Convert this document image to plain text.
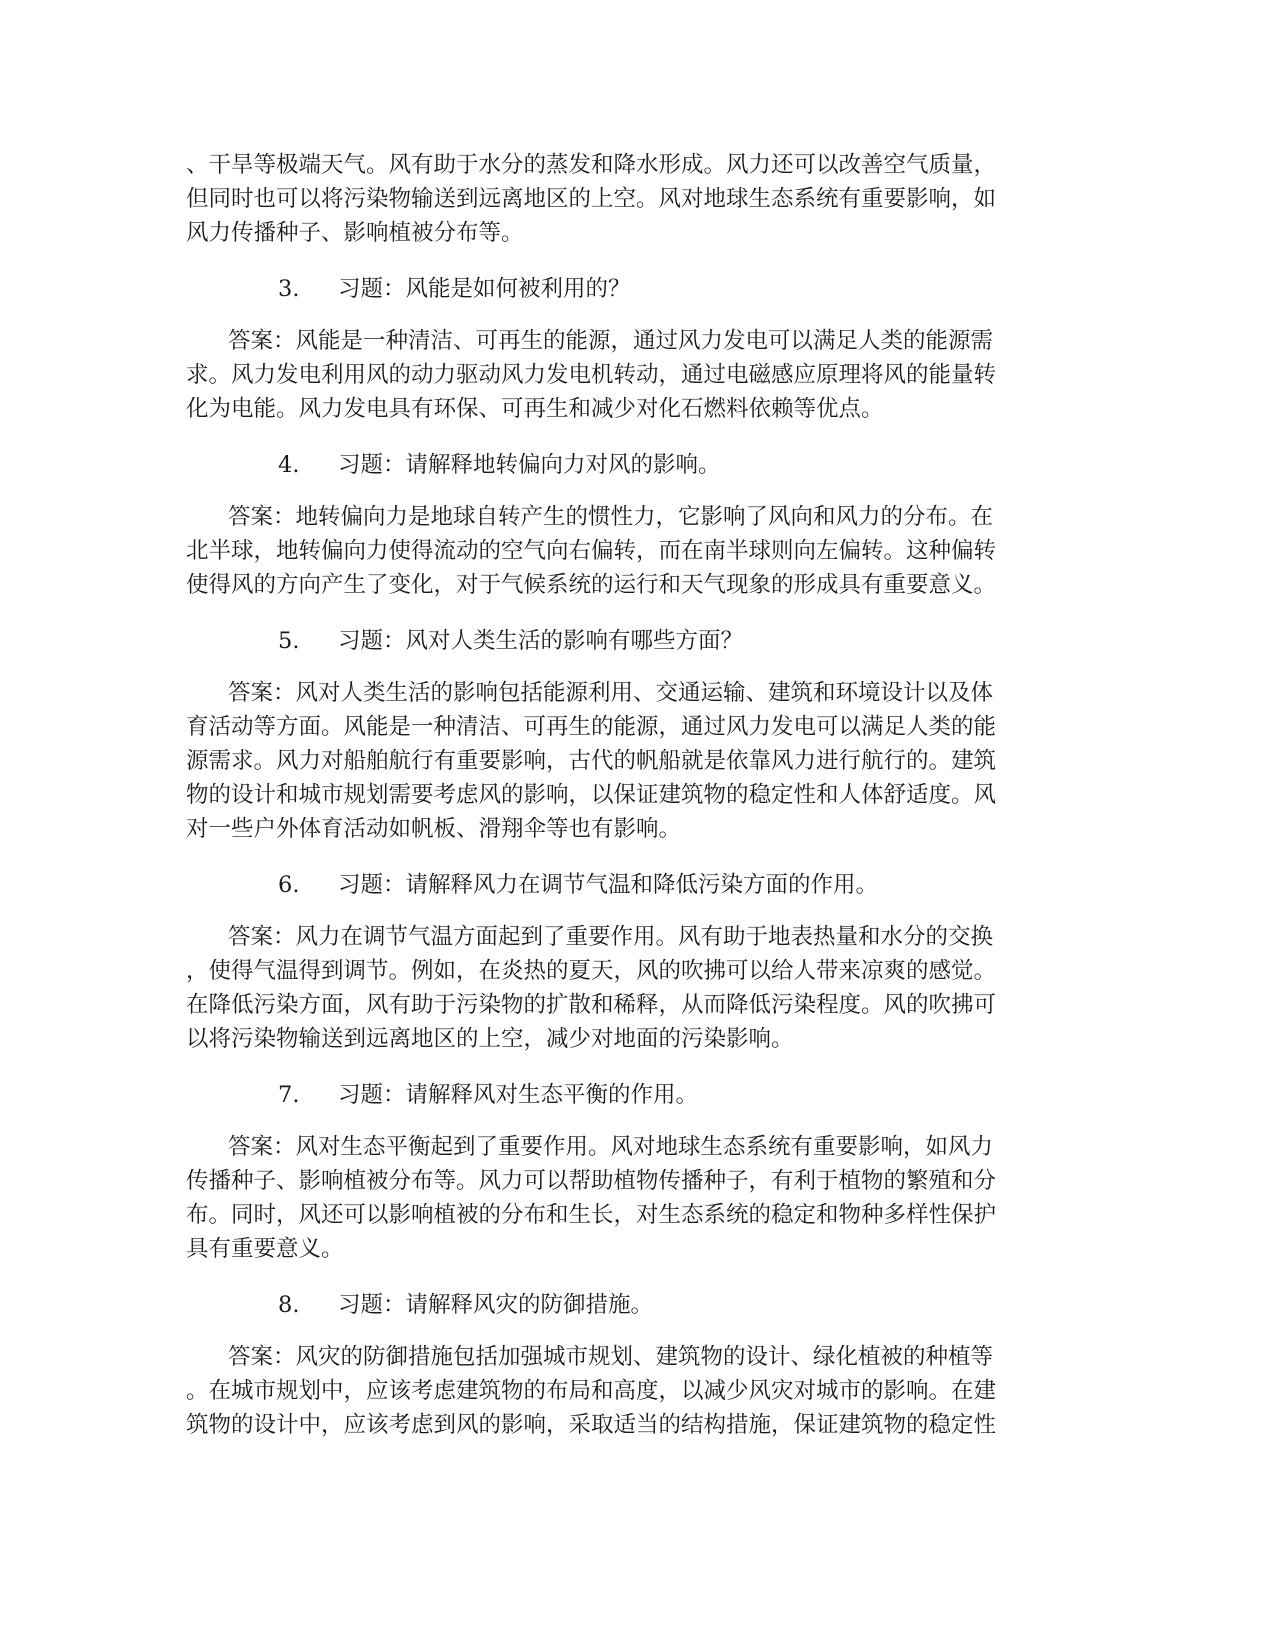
、干旱等极端天气。风有助于水分的蒸发和降水形成。风力还可以改善空气质量，
但同时也可以将污染物输送到远离地区的上空。风对地球生态系统有重要影响，如
风力传播种子、影响植被分布等。

3.	习题：风能是如何被利用的？

答案：风能是一种清洁、可再生的能源，通过风力发电可以满足人类的能源需
求。风力发电利用风的动力驱动风力发电机转动，通过电磁感应原理将风的能量转
化为电能。风力发电具有环保、可再生和减少对化石燃料依赖等优点。

4.	习题：请解释地转偏向力对风的影响。

答案：地转偏向力是地球自转产生的惯性力，它影响了风向和风力的分布。在
北半球，地转偏向力使得流动的空气向右偏转，而在南半球则向左偏转。这种偏转
使得风的方向产生了变化，对于气候系统的运行和天气现象的形成具有重要意义。

5.	习题：风对人类生活的影响有哪些方面？

答案：风对人类生活的影响包括能源利用、交通运输、建筑和环境设计以及体
育活动等方面。风能是一种清洁、可再生的能源，通过风力发电可以满足人类的能
源需求。风力对船舶航行有重要影响，古代的帆船就是依靠风力进行航行的。建筑
物的设计和城市规划需要考虑风的影响，以保证建筑物的稳定性和人体舒适度。风
对一些户外体育活动如帆板、滑翔伞等也有影响。

6.	习题：请解释风力在调节气温和降低污染方面的作用。

答案：风力在调节气温方面起到了重要作用。风有助于地表热量和水分的交换
，使得气温得到调节。例如，在炎热的夏天，风的吹拂可以给人带来凉爽的感觉。
在降低污染方面，风有助于污染物的扩散和稀释，从而降低污染程度。风的吹拂可
以将污染物输送到远离地区的上空，减少对地面的污染影响。

7.	习题：请解释风对生态平衡的作用。

答案：风对生态平衡起到了重要作用。风对地球生态系统有重要影响，如风力
传播种子、影响植被分布等。风力可以帮助植物传播种子，有利于植物的繁殖和分
布。同时，风还可以影响植被的分布和生长，对生态系统的稳定和物种多样性保护
具有重要意义。

8.	习题：请解释风灾的防御措施。

答案：风灾的防御措施包括加强城市规划、建筑物的设计、绿化植被的种植等
。在城市规划中，应该考虑建筑物的布局和高度，以减少风灾对城市的影响。在建
筑物的设计中，应该考虑到风的影响，采取适当的结构措施，保证建筑物的稳定性
